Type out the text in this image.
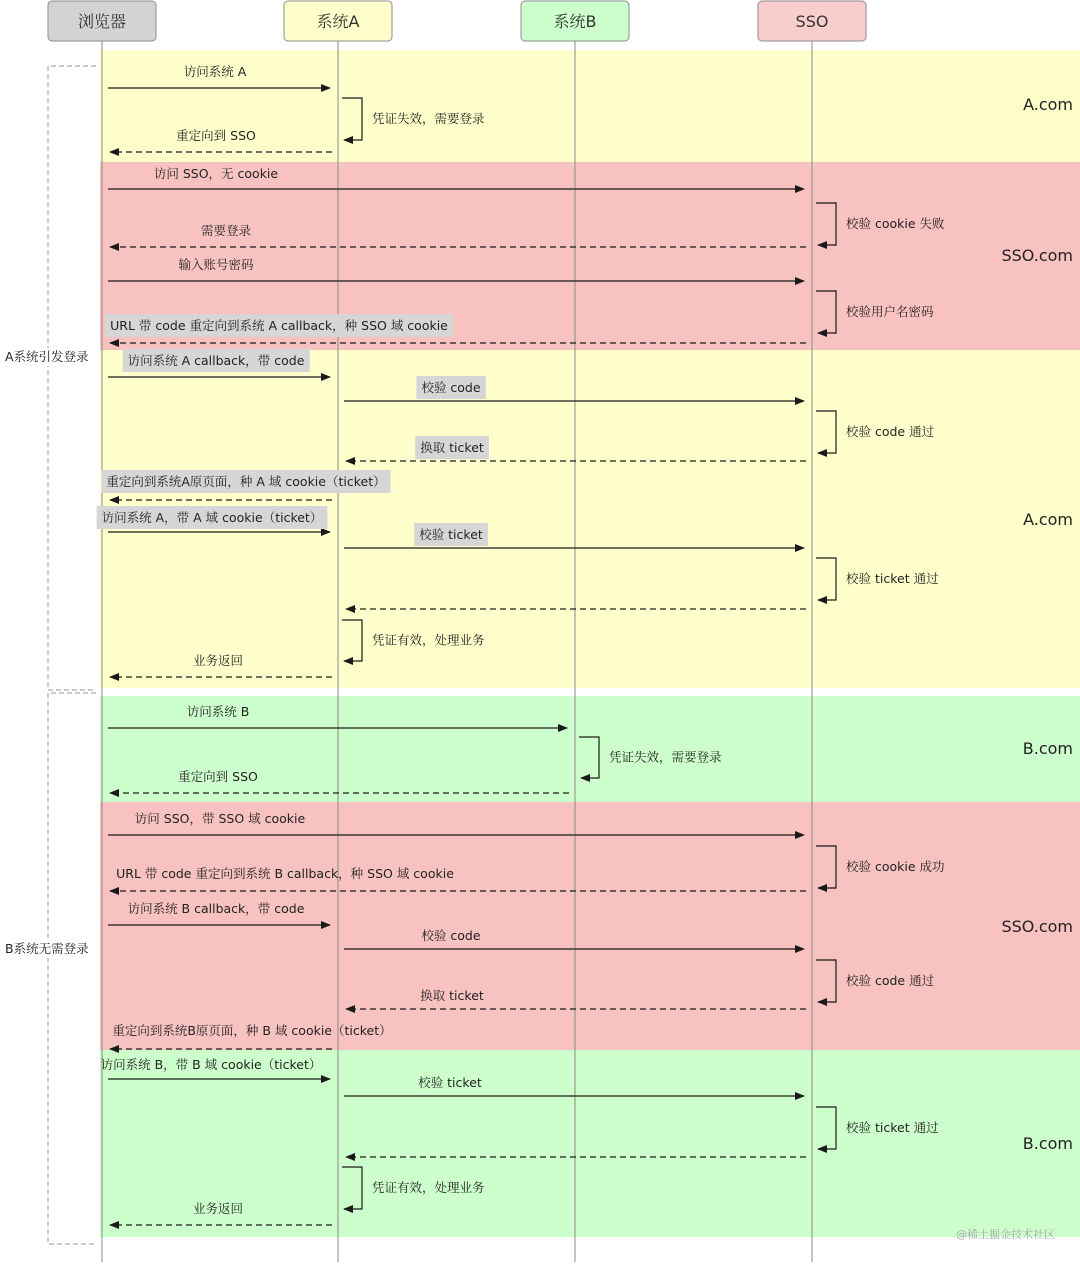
A.com
SSO.com
A.com
B.com
SSO.com
B.com
A系统引发登录
B系统无需登录
浏览器	系统A	系统B	SSO
凭证失效，需要登录
校验 cookie 失败
校验用户名密码
校验 code 通过
校验 ticket 通过
凭证有效，处理业务
凭证失效，需要登录
校验 cookie 成功
校验 code 通过
校验 ticket 通过
凭证有效，处理业务
访问系统 A
重定向到 SSO
访问 SSO，无 cookie
需要登录
输入账号密码
URL 带 code 重定向到系统 A callback，种 SSO 域 cookie
访问系统 A callback，带 code
校验 code
换取 ticket
重定向到系统A原页面，种 A 域 cookie（ticket）
访问系统 A，带 A 域 cookie（ticket）
校验 ticket
业务返回
访问系统 B
重定向到 SSO
访问 SSO，带 SSO 域 cookie
URL 带 code 重定向到系统 B callback，种 SSO 域 cookie
访问系统 B callback，带 code
校验 code
换取 ticket
重定向到系统B原页面，种 B 域 cookie（ticket）
访问系统 B，带 B 域 cookie（ticket）
校验 ticket
业务返回
@稀土掘金技术社区
